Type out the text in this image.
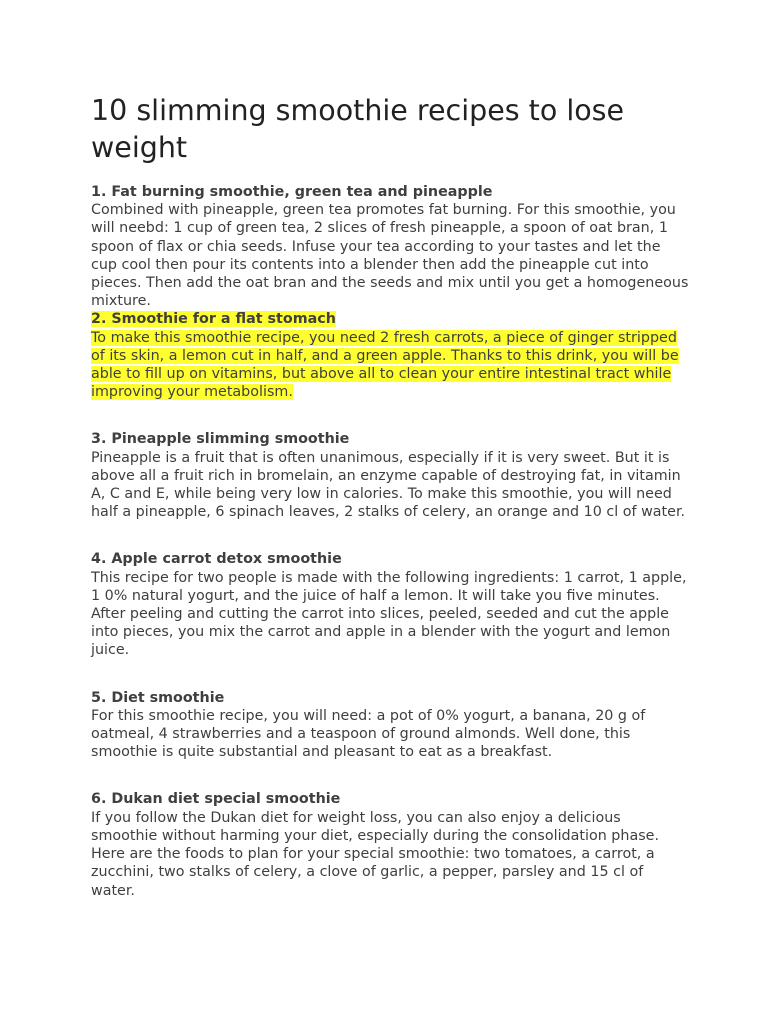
10 slimming smoothie recipes to lose weight
1. Fat burning smoothie, green tea and pineapple
Combined with pineapple, green tea promotes fat burning. For this smoothie, you will neebd: 1 cup of green tea, 2 slices of fresh pineapple, a spoon of oat bran, 1 spoon of flax or chia seeds. Infuse your tea according to your tastes and let the cup cool then pour its contents into a blender then add the pineapple cut into pieces. Then add the oat bran and the seeds and mix until you get a homogeneous mixture.
2. Smoothie for a flat stomach
To make this smoothie recipe, you need 2 fresh carrots, a piece of ginger stripped of its skin, a lemon cut in half, and a green apple. Thanks to this drink, you will be able to fill up on vitamins, but above all to clean your entire intestinal tract while improving your metabolism.
3. Pineapple slimming smoothie
Pineapple is a fruit that is often unanimous, especially if it is very sweet. But it is above all a fruit rich in bromelain, an enzyme capable of destroying fat, in vitamin A, C and E, while being very low in calories. To make this smoothie, you will need half a pineapple, 6 spinach leaves, 2 stalks of celery, an orange and 10 cl of water.
4. Apple carrot detox smoothie
This recipe for two people is made with the following ingredients: 1 carrot, 1 apple, 1 0% natural yogurt, and the juice of half a lemon. It will take you five minutes. After peeling and cutting the carrot into slices, peeled, seeded and cut the apple into pieces, you mix the carrot and apple in a blender with the yogurt and lemon juice.
5. Diet smoothie
For this smoothie recipe, you will need: a pot of 0% yogurt, a banana, 20 g of oatmeal, 4 strawberries and a teaspoon of ground almonds. Well done, this smoothie is quite substantial and pleasant to eat as a breakfast.
6. Dukan diet special smoothie
If you follow the Dukan diet for weight loss, you can also enjoy a delicious smoothie without harming your diet, especially during the consolidation phase. Here are the foods to plan for your special smoothie: two tomatoes, a carrot, a zucchini, two stalks of celery, a clove of garlic, a pepper, parsley and 15 cl of water.
